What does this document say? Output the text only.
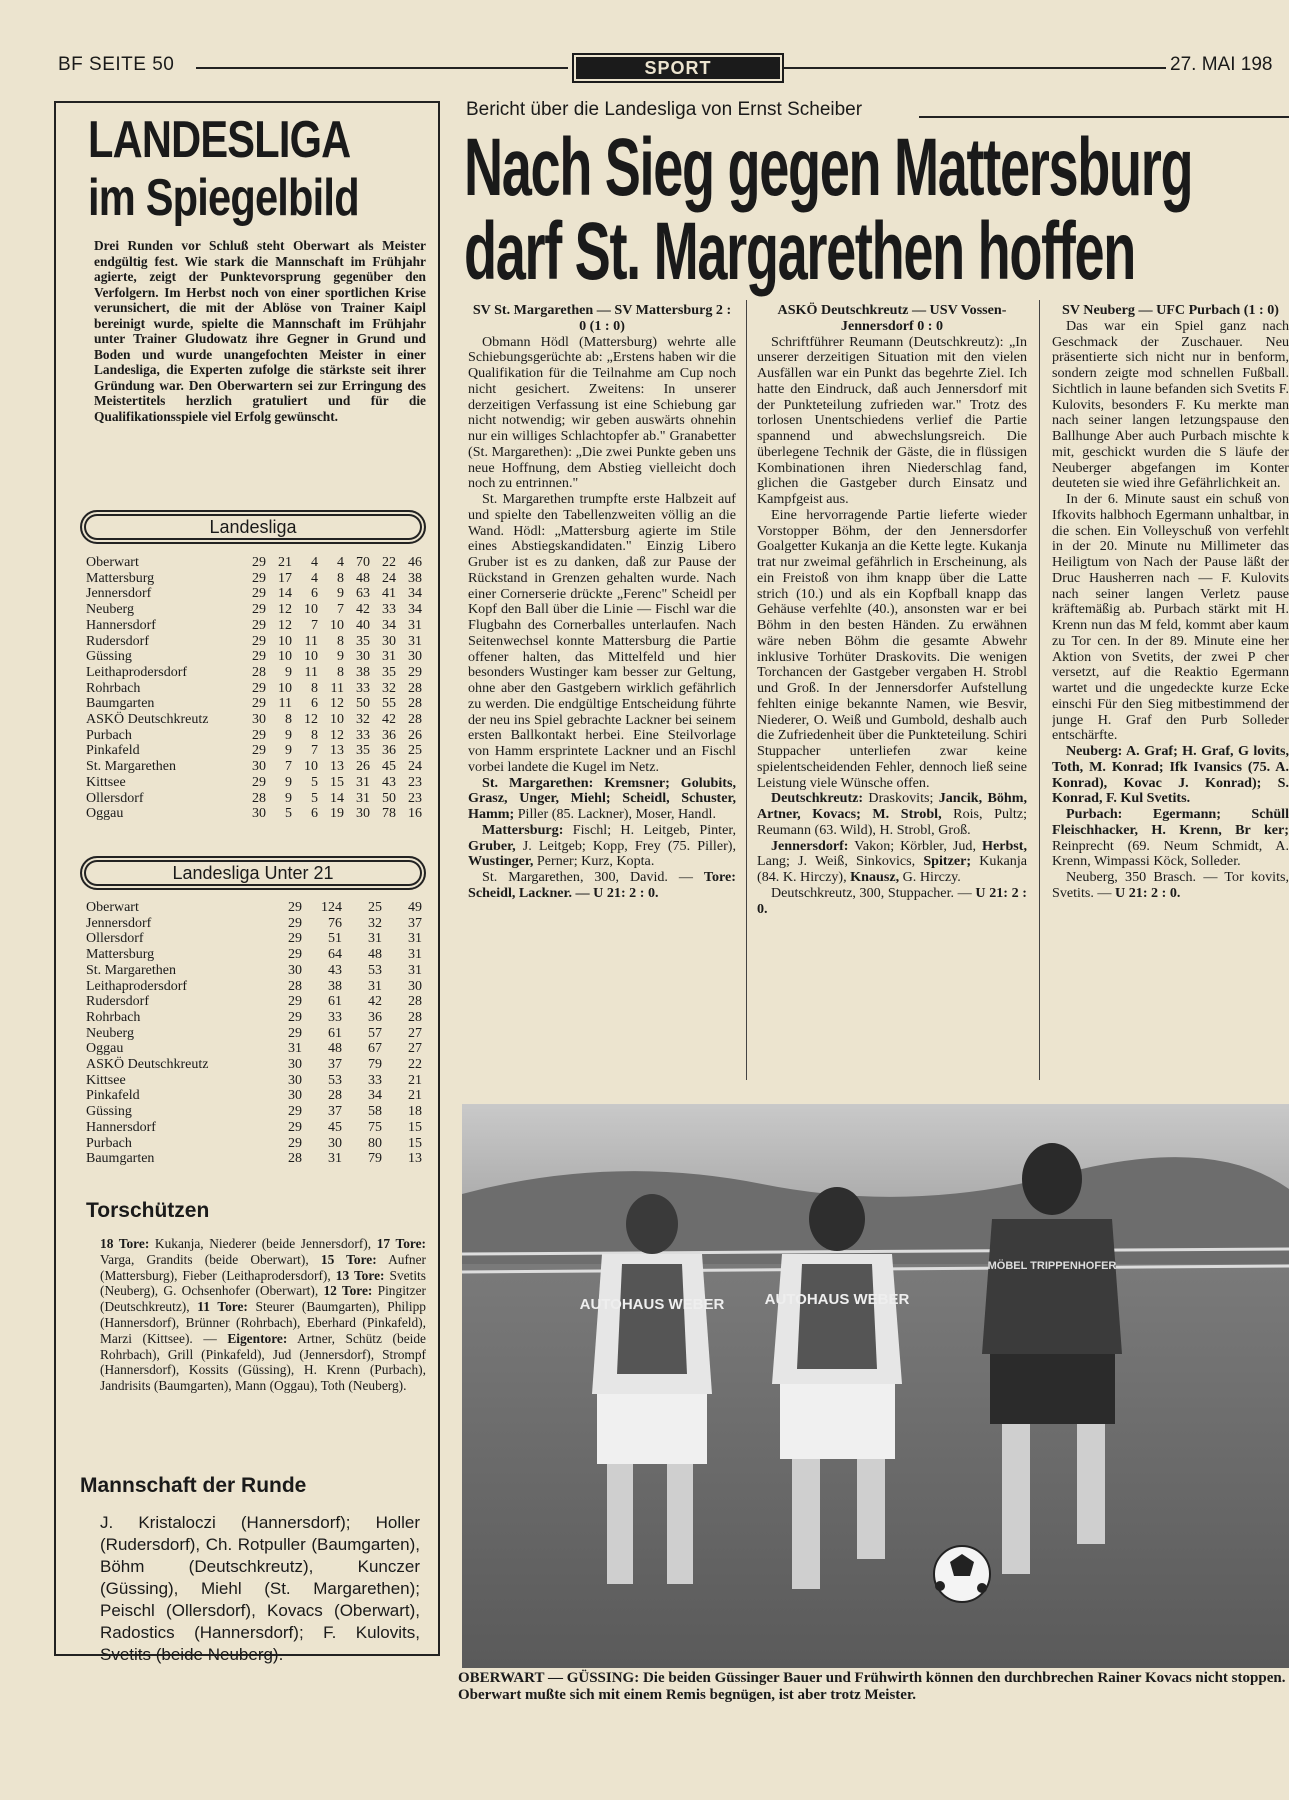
BF SEITE 50	SPORT	27. MAI 198
LANDESLIGA
im Spiegelbild
Drei Runden vor Schluß steht Oberwart als Meister endgültig fest. Wie stark die Mannschaft im Frühjahr agierte, zeigt der Punktevorsprung gegenüber den Verfolgern. Im Herbst noch von einer sportlichen Krise verunsichert, die mit der Ablöse von Trainer Kaipl bereinigt wurde, spielte die Mannschaft im Frühjahr unter Trainer Gludowatz ihre Gegner in Grund und Boden und wurde unangefochten Meister in einer Landesliga, die Experten zufolge die stärkste seit ihrer Gründung war. Den Oberwartern sei zur Erringung des Meistertitels herzlich gratuliert und für die Qualifikationsspiele viel Erfolg gewünscht.
Landesliga
Oberwart	29	21	4	4	70	22	46
Mattersburg	29	17	4	8	48	24	38
Jennersdorf	29	14	6	9	63	41	34
Neuberg	29	12	10	7	42	33	34
Hannersdorf	29	12	7	10	40	34	31
Rudersdorf	29	10	11	8	35	30	31
Güssing	29	10	10	9	30	31	30
Leithaprodersdorf	28	9	11	8	38	35	29
Rohrbach	29	10	8	11	33	32	28
Baumgarten	29	11	6	12	50	55	28
ASKÖ Deutschkreutz	30	8	12	10	32	42	28
Purbach	29	9	8	12	33	36	26
Pinkafeld	29	9	7	13	35	36	25
St. Margarethen	30	7	10	13	26	45	24
Kittsee	29	9	5	15	31	43	23
Ollersdorf	28	9	5	14	31	50	23
Oggau	30	5	6	19	30	78	16
Landesliga Unter 21
Oberwart	29	124	25	49
Jennersdorf	29	76	32	37
Ollersdorf	29	51	31	31
Mattersburg	29	64	48	31
St. Margarethen	30	43	53	31
Leithaprodersdorf	28	38	31	30
Rudersdorf	29	61	42	28
Rohrbach	29	33	36	28
Neuberg	29	61	57	27
Oggau	31	48	67	27
ASKÖ Deutschkreutz	30	37	79	22
Kittsee	30	53	33	21
Pinkafeld	30	28	34	21
Güssing	29	37	58	18
Hannersdorf	29	45	75	15
Purbach	29	30	80	15
Baumgarten	28	31	79	13
Torschützen
18 Tore: Kukanja, Niederer (beide Jennersdorf), 17 Tore: Varga, Grandits (beide Oberwart), 15 Tore: Aufner (Mattersburg), Fieber (Leithaprodersdorf), 13 Tore: Svetits (Neuberg), G. Ochsenhofer (Oberwart), 12 Tore: Pingitzer (Deutschkreutz), 11 Tore: Steurer (Baumgarten), Philipp (Hannersdorf), Brünner (Rohrbach), Eberhard (Pinkafeld), Marzi (Kittsee). — Eigentore: Artner, Schütz (beide Rohrbach), Grill (Pinkafeld), Jud (Jennersdorf), Strompf (Hannersdorf), Kossits (Güssing), H. Krenn (Purbach), Jandrisits (Baumgarten), Mann (Oggau), Toth (Neuberg).
Mannschaft der Runde
J. Kristaloczi (Hannersdorf); Holler (Rudersdorf), Ch. Rotpuller (Baumgarten), Böhm (Deutschkreutz), Kunczer (Güssing), Miehl (St. Margarethen); Peischl (Ollersdorf), Kovacs (Oberwart), Radostics (Hannersdorf); F. Kulovits, Svetits (beide Neuberg).
Bericht über die Landesliga von Ernst Scheiber
Nach Sieg gegen Mattersburg
darf St. Margarethen hoffen
SV St. Margarethen — SV Mattersburg 2 : 0 (1 : 0)

Obmann Hödl (Mattersburg) wehrte alle Schiebungsgerüchte ab: „Erstens haben wir die Qualifikation für die Teilnahme am Cup noch nicht gesichert. Zweitens: In unserer derzeitigen Verfassung ist eine Schiebung gar nicht notwendig; wir geben auswärts ohnehin nur ein williges Schlachtopfer ab." Granabetter (St. Margarethen): „Die zwei Punkte geben uns neue Hoffnung, dem Abstieg vielleicht doch noch zu entrinnen."

St. Margarethen trumpfte erste Halbzeit auf und spielte den Tabellenzweiten völlig an die Wand. Hödl: „Mattersburg agierte im Stile eines Abstiegskandidaten." Einzig Libero Gruber ist es zu danken, daß zur Pause der Rückstand in Grenzen gehalten wurde. Nach einer Cornerserie drückte „Ferenc" Scheidl per Kopf den Ball über die Linie — Fischl war die Flugbahn des Cornerballes unterlaufen. Nach Seitenwechsel konnte Mattersburg die Partie offener halten, das Mittelfeld und hier besonders Wustinger kam besser zur Geltung, ohne aber den Gastgebern wirklich gefährlich zu werden. Die endgültige Entscheidung führte der neu ins Spiel gebrachte Lackner bei seinem ersten Ballkontakt herbei. Eine Steilvorlage von Hamm ersprintete Lackner und an Fischl vorbei landete die Kugel im Netz.

St. Margarethen: Kremsner; Golubits, Grasz, Unger, Miehl; Scheidl, Schuster, Hamm; Piller (85. Lackner), Moser, Handl.

Mattersburg: Fischl; H. Leitgeb, Pinter, Gruber, J. Leitgeb; Kopp, Frey (75. Piller), Wustinger, Perner; Kurz, Kopta.

St. Margarethen, 300, David. — Tore: Scheidl, Lackner. — U 21: 2 : 0.

ASKÖ Deutschkreutz — USV Vossen-Jennersdorf 0 : 0

Schriftführer Reumann (Deutschkreutz): „In unserer derzeitigen Situation mit den vielen Ausfällen war ein Punkt das begehrte Ziel. Ich hatte den Eindruck, daß auch Jennersdorf mit der Punkteteilung zufrieden war." Trotz des torlosen Unentschiedens verlief die Partie spannend und abwechslungsreich. Die überlegene Technik der Gäste, die in flüssigen Kombinationen ihren Niederschlag fand, glichen die Gastgeber durch Einsatz und Kampfgeist aus.

Eine hervorragende Partie lieferte wieder Vorstopper Böhm, der den Jennersdorfer Goalgetter Kukanja an die Kette legte. Kukanja trat nur zweimal gefährlich in Erscheinung, als ein Freistoß von ihm knapp über die Latte strich (10.) und als ein Kopfball knapp das Gehäuse verfehlte (40.), ansonsten war er bei Böhm in den besten Händen. Zu erwähnen wäre neben Böhm die gesamte Abwehr inklusive Torhüter Draskovits. Die wenigen Torchancen der Gastgeber vergaben H. Strobl und Groß. In der Jennersdorfer Aufstellung fehlten einige bekannte Namen, wie Besvir, Niederer, O. Weiß und Gumbold, deshalb auch die Zufriedenheit über die Punkteteilung. Schiri Stuppacher unterliefen zwar keine spielentscheidenden Fehler, dennoch ließ seine Leistung viele Wünsche offen.

Deutschkreutz: Draskovits; Jancik, Böhm, Artner, Kovacs; M. Strobl, Rois, Pultz; Reumann (63. Wild), H. Strobl, Groß.

Jennersdorf: Vakon; Körbler, Jud, Herbst, Lang; J. Weiß, Sinkovics, Spitzer; Kukanja (84. K. Hirczy), Knausz, G. Hirczy.

Deutschkreutz, 300, Stuppacher. — U 21: 2 : 0.

SV Neuberg — UFC Purbach (1 : 0)

Das war ein Spiel ganz nach Geschmack der Zuschauer. Neu präsentierte sich nicht nur in benform, sondern zeigte mod schnellen Fußball. Sichtlich in laune befanden sich Svetits F. Kulovits, besonders F. Ku merkte man nach seiner langen letzungspause den Ballhunge Aber auch Purbach mischte k mit, geschickt wurden die S läufe der Neuberger abgefangen im Konter deuteten sie wied ihre Gefährlichkeit an.

In der 6. Minute saust ein schuß von Ifkovits halbhoch Egermann unhaltbar, in die schen. Ein Volleyschuß von verfehlt in der 20. Minute nu Millimeter das Heiligtum von Nach der Pause läßt der Druc Hausherren nach — F. Kulovits nach seiner langen Verletz pause kräftemäßig ab. Purbach stärkt mit H. Krenn nun das M feld, kommt aber kaum zu Tor cen. In der 89. Minute eine her Aktion von Svetits, der zwei P cher versetzt, auf die Reaktio Egermann wartet und die ungedeckte kurze Ecke einschi Für den Sieg mitbestimmend der junge H. Graf den Purb Solleder entschärfte.

Neuberg: A. Graf; H. Graf, G lovits, Toth, M. Konrad; Ifk Ivansics (75. A. Konrad), Kovac J. Konrad); S. Konrad, F. Kul Svetits.

Purbach: Egermann; Schüll Fleischhacker, H. Krenn, Br ker; Reinprecht (69. Neum Schmidt, A. Krenn, Wimpassi Köck, Solleder.

Neuberg, 350 Brasch. — Tor kovits, Svetits. — U 21: 2 : 0.

AUTOHAUS WEBER	AUTOHAUS WEBER
MÖBEL TRIPPENHOFER
OBERWART — GÜSSING: Die beiden Güssinger Bauer und Frühwirth können den durchbrechen Rainer Kovacs nicht stoppen. Oberwart mußte sich mit einem Remis begnügen, ist aber trotz Meister.
